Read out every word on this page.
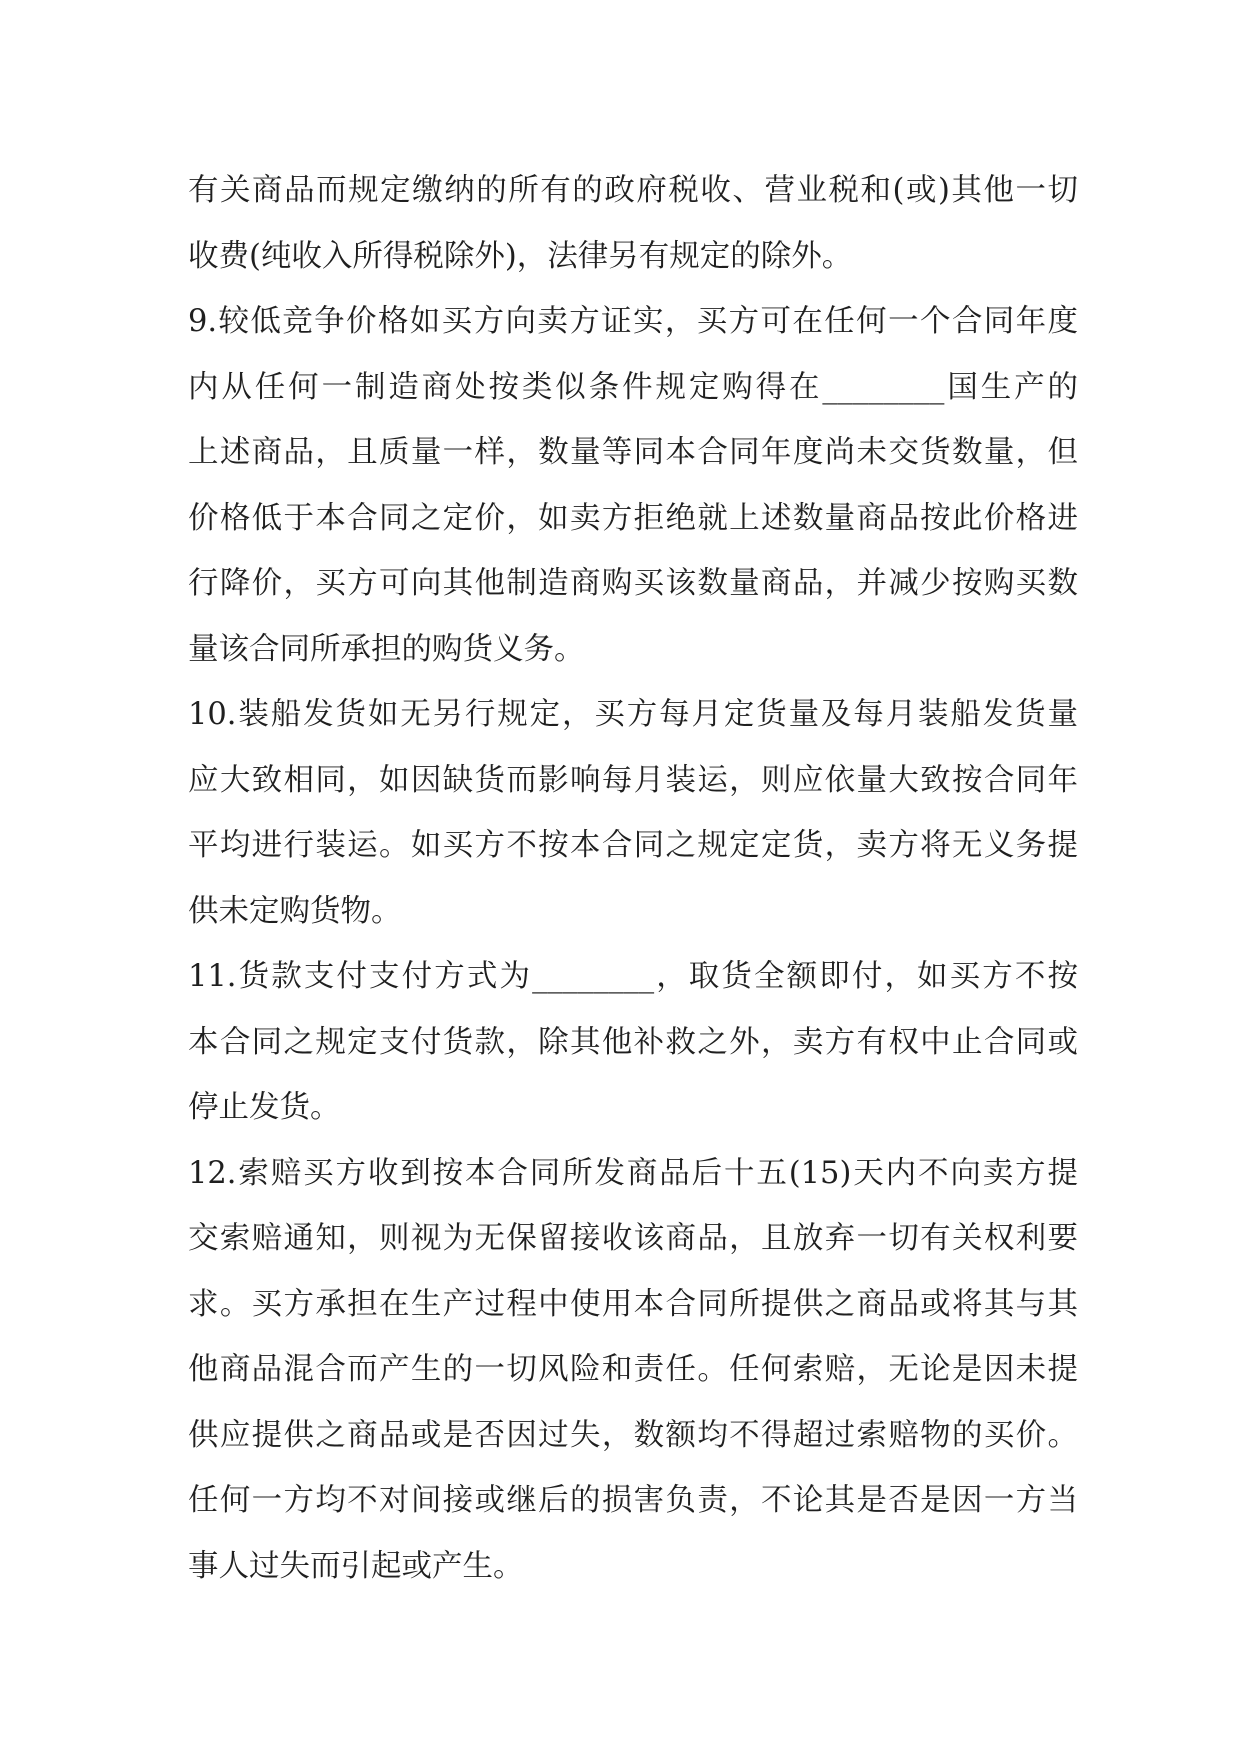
有关商品而规定缴纳的所有的政府税收、营业税和(或)其他一切
收费(纯收入所得税除外)，法律另有规定的除外。
9.较低竞争价格如买方向卖方证实，买方可在任何一个合同年度
内从任何一制造商处按类似条件规定购得在________国生产的
上述商品，且质量一样，数量等同本合同年度尚未交货数量，但
价格低于本合同之定价，如卖方拒绝就上述数量商品按此价格进
行降价，买方可向其他制造商购买该数量商品，并减少按购买数
量该合同所承担的购货义务。
10.装船发货如无另行规定，买方每月定货量及每月装船发货量
应大致相同，如因缺货而影响每月装运，则应依量大致按合同年
平均进行装运。如买方不按本合同之规定定货，卖方将无义务提
供未定购货物。
11.货款支付支付方式为________，取货全额即付，如买方不按
本合同之规定支付货款，除其他补救之外，卖方有权中止合同或
停止发货。
12.索赔买方收到按本合同所发商品后十五(15)天内不向卖方提
交索赔通知，则视为无保留接收该商品，且放弃一切有关权利要
求。买方承担在生产过程中使用本合同所提供之商品或将其与其
他商品混合而产生的一切风险和责任。任何索赔，无论是因未提
供应提供之商品或是否因过失，数额均不得超过索赔物的买价。
任何一方均不对间接或继后的损害负责，不论其是否是因一方当
事人过失而引起或产生。
